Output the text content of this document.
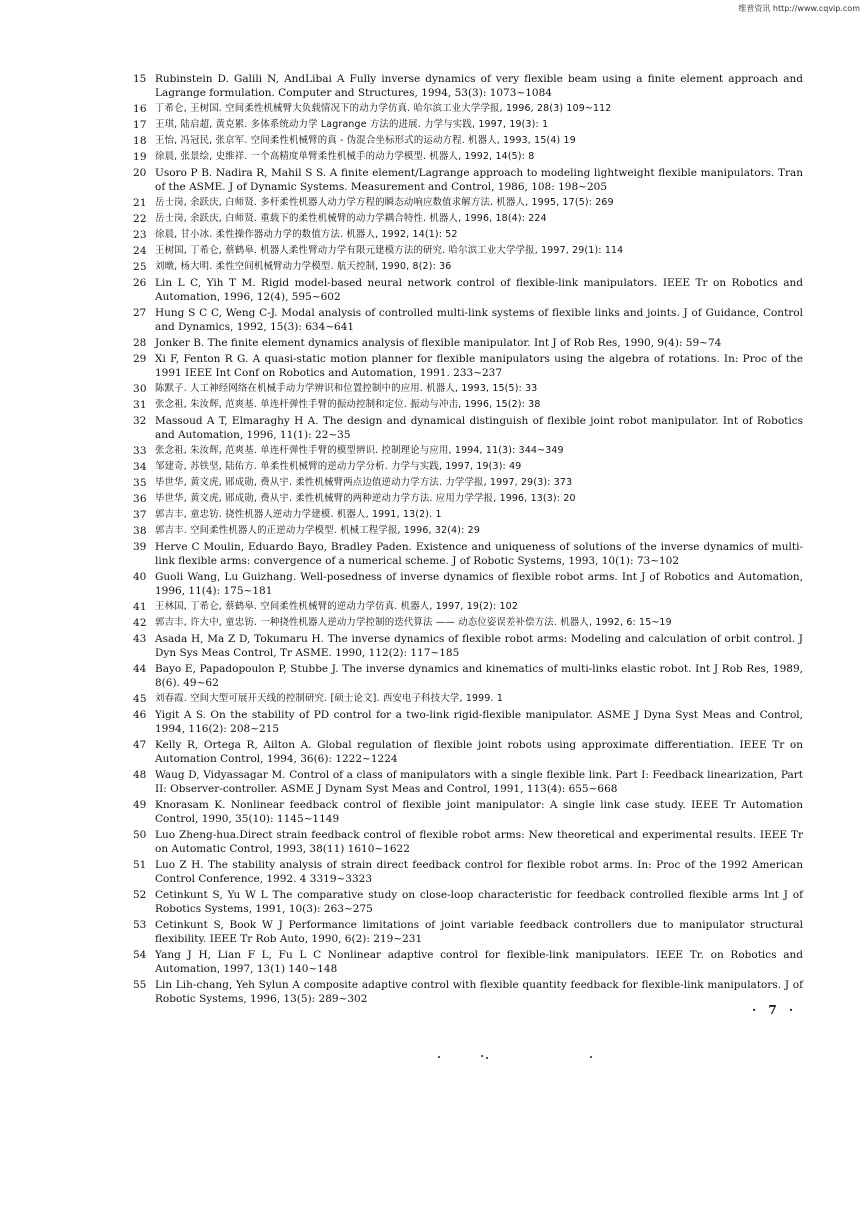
维普资讯 http://www.cqvip.com
15 Rubinstein D. Galili N, AndLibai A Fully inverse dynamics of very flexible beam using a finite element approach and Lagrange formulation. Computer and Structures, 1994, 53(3): 1073~1084
16 丁希仑, 王树国. 空间柔性机械臂大负载情况下的动力学仿真. 哈尔滨工业大学学报, 1996, 28(3) 109~112
17 王琪, 陆启超, 黄克累. 多体系统动力学 Lagrange 方法的进展. 力学与实践, 1997, 19(3): 1
18 王怡, 冯冠民, 张京军. 空间柔性机械臂的真 - 伪混合坐标形式的运动方程. 机器人, 1993, 15(4) 19
19 徐晨, 张景绘, 史维祥. 一个高精度单臂柔性机械手的动力学模型. 机器人, 1992, 14(5): 8
20 Usoro P B. Nadira R, Mahil S S. A finite element/Lagrange approach to modeling lightweight flexible manipulators. Tran of the ASME. J of Dynamic Systems. Measurement and Control, 1986, 108: 198~205
21 岳士岗, 余跃庆, 白师贤. 多杆柔性机器人动力学方程的瞬态动响应数值求解方法. 机器人, 1995, 17(5): 269
22 岳士岗, 余跃庆, 白师贤. 重载下的柔性机械臂的动力学耦合特性. 机器人, 1996, 18(4): 224
23 徐晨, 甘小冰. 柔性操作器动力学的数值方法. 机器人, 1992, 14(1): 52
24 王树国, 丁希仑, 蔡鹤皋. 机器人柔性臂动力学有限元建模方法的研究. 哈尔滨工业大学学报, 1997, 29(1): 114
25 刘暾, 杨大明. 柔性空间机械臂动力学模型. 航天控制, 1990, 8(2): 36
26 Lin L C, Yih T M. Rigid model-based neural network control of flexible-link manipulators. IEEE Tr on Robotics and Automation, 1996, 12(4), 595~602
27 Hung S C C, Weng C-J. Modal analysis of controlled multi-link systems of flexible links and joints. J of Guidance, Control and Dynamics, 1992, 15(3): 634~641
28 Jonker B. The finite element dynamics analysis of flexible manipulator. Int J of Rob Res, 1990, 9(4): 59~74
29 Xi F, Fenton R G. A quasi-static motion planner for flexible manipulators using the algebra of rotations. In: Proc of the 1991 IEEE Int Conf on Robotics and Automation, 1991. 233~237
30 陈默子. 人工神经网络在机械手动力学辨识和位置控制中的应用. 机器人, 1993, 15(5): 33
31 张念祖, 朱汝辉, 范爽基. 单连杆弹性手臂的振动控制和定位. 振动与冲击, 1996, 15(2): 38
32 Massoud A T, Elmaraghy H A. The design and dynamical distinguish of flexible joint robot manipulator. Int of Robotics and Automation, 1996, 11(1): 22~35
33 张念祖, 朱汝辉, 范爽基. 单连杆弹性手臂的模型辨识. 控制理论与应用, 1994, 11(3): 344~349
34 邹建奇, 苏铁坚, 陆佑方. 单柔性机械臂的逆动力学分析. 力学与实践, 1997, 19(3): 49
35 毕世华, 黄文虎, 郧成勋, 费从宇. 柔性机械臂两点边值逆动力学方法. 力学学报, 1997, 29(3): 373
36 毕世华, 黄文虎, 郧成勋, 费从宇. 柔性机械臂的两种逆动力学方法. 应用力学学报, 1996, 13(3): 20
37 郭吉丰, 童忠钫. 挠性机器人逆动力学建模. 机器人, 1991, 13(2). 1
38 郭吉丰. 空间柔性机器人的正逆动力学模型. 机械工程学报, 1996, 32(4): 29
39 Herve C Moulin, Eduardo Bayo, Bradley Paden. Existence and uniqueness of solutions of the inverse dynamics of multi-link flexible arms: convergence of a numerical scheme. J of Robotic Systems, 1993, 10(1): 73~102
40 Guoli Wang, Lu Guizhang. Well-posedness of inverse dynamics of flexible robot arms. Int J of Robotics and Automation, 1996, 11(4): 175~181
41 王林国, 丁希仑, 蔡鹤皋. 空间柔性机械臂的逆动力学仿真. 机器人, 1997, 19(2): 102
42 郭吉丰, 许大中, 童忠钫. 一种挠性机器人逆动力学控制的迭代算法 —— 动态位姿误差补偿方法. 机器人, 1992, 6: 15~19
43 Asada H, Ma Z D, Tokumaru H. The inverse dynamics of flexible robot arms: Modeling and calculation of orbit control. J Dyn Sys Meas Control, Tr ASME. 1990, 112(2): 117~185
44 Bayo E, Papadopoulon P, Stubbe J. The inverse dynamics and kinematics of multi-links elastic robot. Int J Rob Res, 1989, 8(6). 49~62
45 刘春霞. 空间大型可展开天线的控制研究. [硕士论文]. 西安电子科技大学, 1999. 1
46 Yigit A S. On the stability of PD control for a two-link rigid-flexible manipulator. ASME J Dyna Syst Meas and Control, 1994, 116(2): 208~215
47 Kelly R, Ortega R, Ailton A. Global regulation of flexible joint robots using approximate differentiation. IEEE Tr on Automation Control, 1994, 36(6): 1222~1224
48 Waug D, Vidyassagar M. Control of a class of manipulators with a single flexible link. Part I: Feedback linearization, Part II: Observer-controller. ASME J Dynam Syst Meas and Control, 1991, 113(4): 655~668
49 Knorasam K. Nonlinear feedback control of flexible joint manipulator: A single link case study. IEEE Tr Automation Control, 1990, 35(10): 1145~1149
50 Luo Zheng-hua.Direct strain feedback control of flexible robot arms: New theoretical and experimental results. IEEE Tr on Automatic Control, 1993, 38(11) 1610~1622
51 Luo Z H. The stability analysis of strain direct feedback control for flexible robot arms. In: Proc of the 1992 American Control Conference, 1992. 4 3319~3323
52 Cetinkunt S, Yu W L The comparative study on close-loop characteristic for feedback controlled flexible arms Int J of Robotics Systems, 1991, 10(3): 263~275
53 Cetinkunt S, Book W J Performance limitations of joint variable feedback controllers due to manipulator structural flexibility. IEEE Tr Rob Auto, 1990, 6(2): 219~231
54 Yang J H, Lian F L, Fu L C Nonlinear adaptive control for flexible-link manipulators. IEEE Tr. on Robotics and Automation, 1997, 13(1) 140~148
55 Lin Lih-chang, Yeh Sylun A composite adaptive control with flexible quantity feedback for flexible-link manipulators. J of Robotic Systems, 1996, 13(5): 289~302
· 7 ·
